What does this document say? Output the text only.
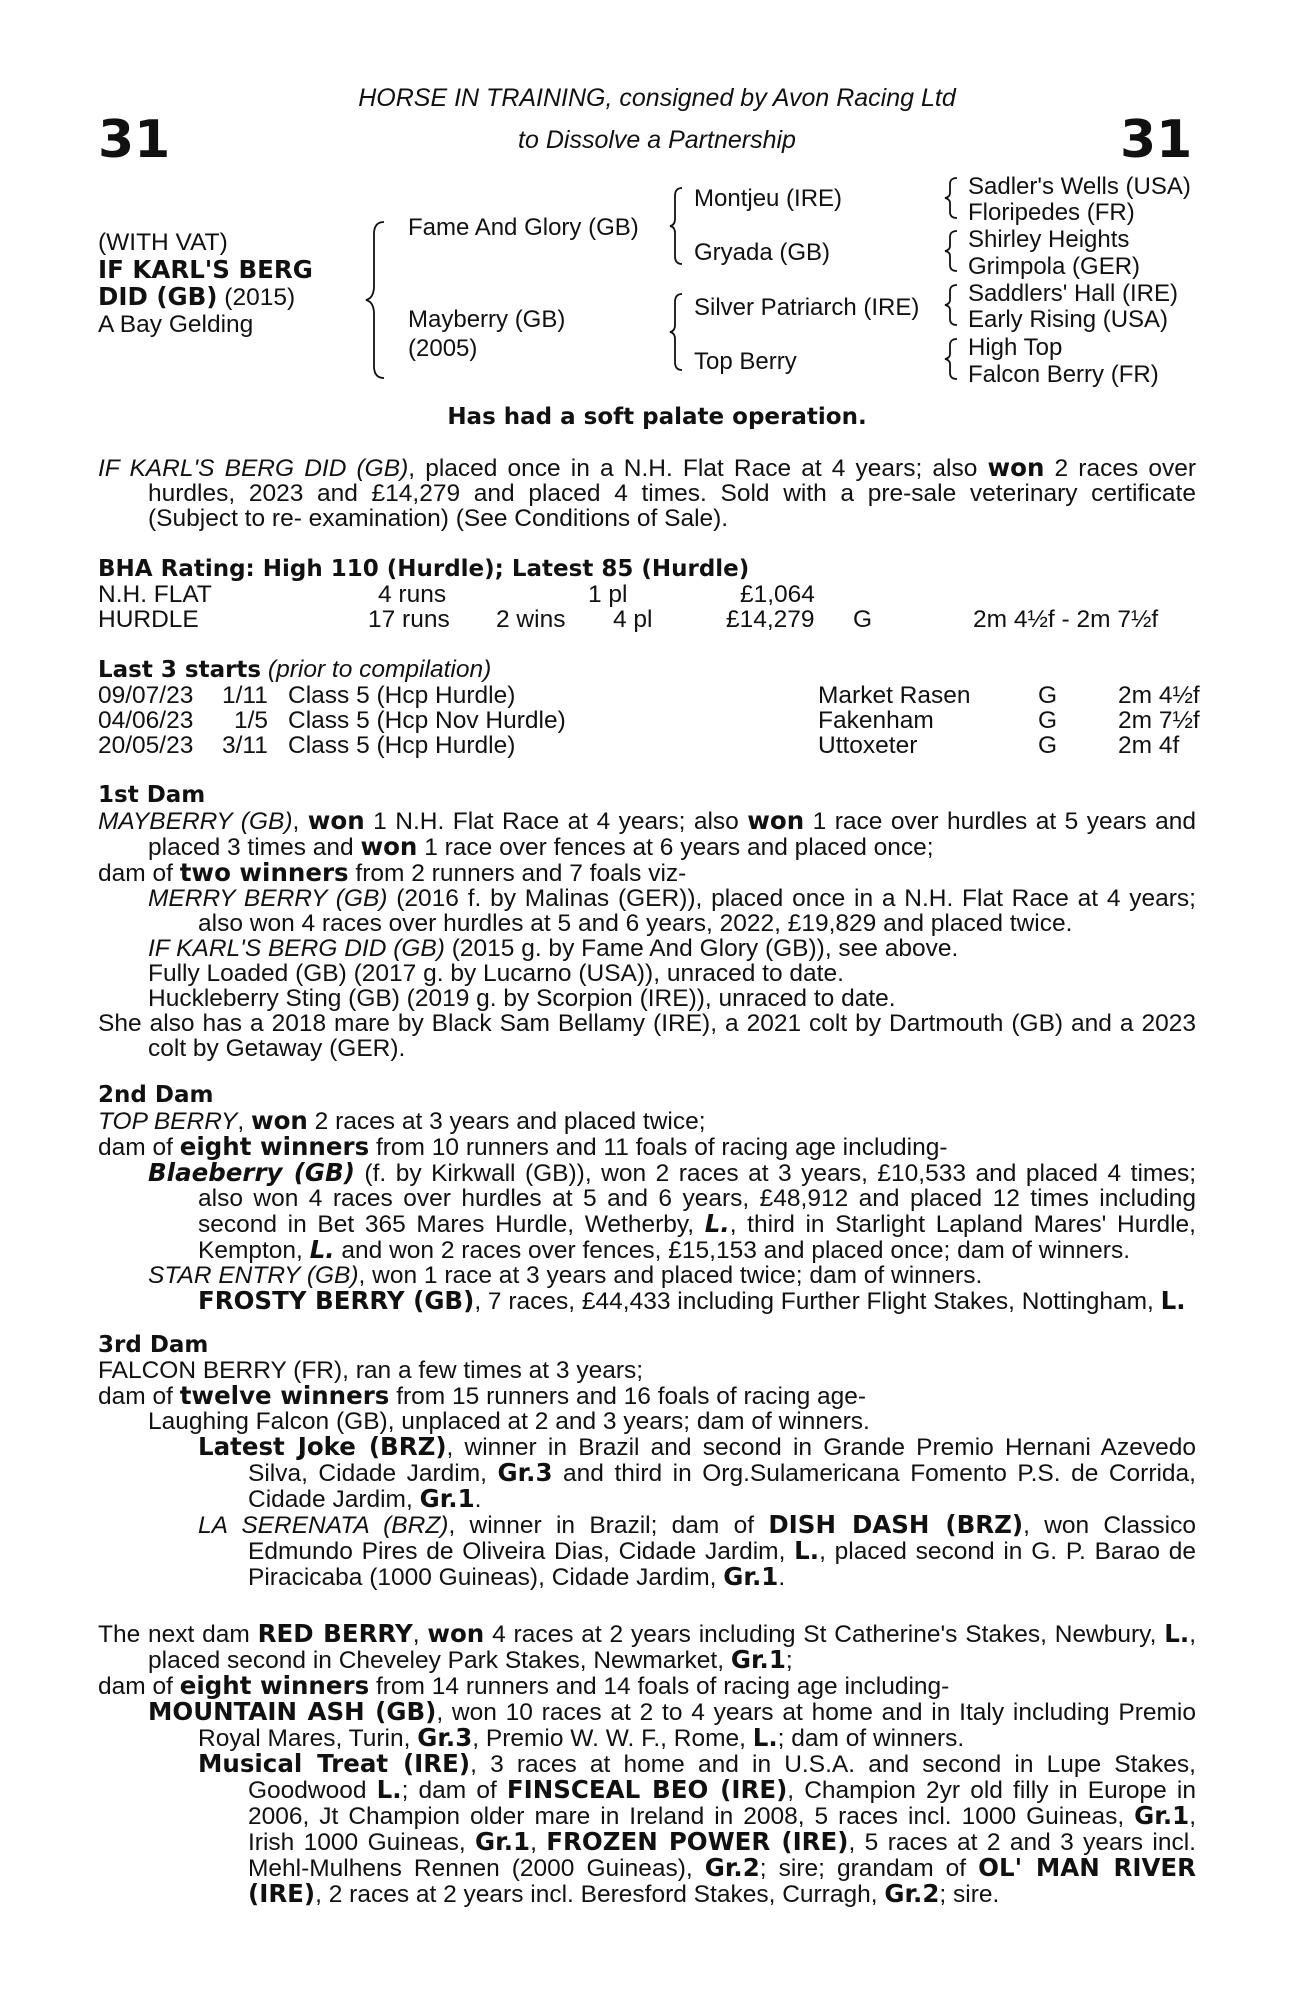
31	31
HORSE IN TRAINING, consigned by Avon Racing Ltd
to Dissolve a Partnership
(WITH VAT)
IF KARL'S BERG
DID (GB) (2015)
A Bay Gelding
Fame And Glory (GB)
Mayberry (GB)
(2005)
Montjeu (IRE)
Gryada (GB)
Silver Patriarch (IRE)
Top Berry
Sadler's Wells (USA)
Floripedes (FR)
Shirley Heights
Grimpola (GER)
Saddlers' Hall (IRE)
Early Rising (USA)
High Top
Falcon Berry (FR)
Has had a soft palate operation.

IF KARL'S BERG DID (GB), placed once in a N.H. Flat Race at 4 years; also won 2 races over hurdles, 2023 and £14,279 and placed 4 times. Sold with a pre-sale veterinary certificate (Subject to re- examination) (See Conditions of Sale).

BHA Rating: High 110 (Hurdle); Latest 85 (Hurdle)
N.H. FLAT	4 runs	1 pl	£1,064
HURDLE	17 runs 2 wins 4 pl	£14,279 G	2m 4½f - 2m 7½f
Last 3 starts (prior to compilation)
09/07/23 1/11 Class 5 (Hcp Hurdle)	Market Rasen	G 2m 4½f
04/06/23 1/5 Class 5 (Hcp Nov Hurdle)	Fakenham	G 2m 7½f
20/05/23 3/11 Class 5 (Hcp Hurdle)	Uttoxeter	G 2m 4f
1st Dam

MAYBERRY (GB), won 1 N.H. Flat Race at 4 years; also won 1 race over hurdles at 5 years and placed 3 times and won 1 race over fences at 6 years and placed once;

dam of two winners from 2 runners and 7 foals viz-

MERRY BERRY (GB) (2016 f. by Malinas (GER)), placed once in a N.H. Flat Race at 4 years; also won 4 races over hurdles at 5 and 6 years, 2022, £19,829 and placed twice.

IF KARL'S BERG DID (GB) (2015 g. by Fame And Glory (GB)), see above.

Fully Loaded (GB) (2017 g. by Lucarno (USA)), unraced to date.

Huckleberry Sting (GB) (2019 g. by Scorpion (IRE)), unraced to date.

She also has a 2018 mare by Black Sam Bellamy (IRE), a 2021 colt by Dartmouth (GB) and a 2023 colt by Getaway (GER).

2nd Dam

TOP BERRY, won 2 races at 3 years and placed twice;

dam of eight winners from 10 runners and 11 foals of racing age including-

Blaeberry (GB) (f. by Kirkwall (GB)), won 2 races at 3 years, £10,533 and placed 4 times; also won 4 races over hurdles at 5 and 6 years, £48,912 and placed 12 times including second in Bet 365 Mares Hurdle, Wetherby, L., third in Starlight Lapland Mares' Hurdle, Kempton, L. and won 2 races over fences, £15,153 and placed once; dam of winners.

STAR ENTRY (GB), won 1 race at 3 years and placed twice; dam of winners.

FROSTY BERRY (GB), 7 races, £44,433 including Further Flight Stakes, Nottingham, L.

3rd Dam

FALCON BERRY (FR), ran a few times at 3 years;

dam of twelve winners from 15 runners and 16 foals of racing age-

Laughing Falcon (GB), unplaced at 2 and 3 years; dam of winners.

Latest Joke (BRZ), winner in Brazil and second in Grande Premio Hernani Azevedo Silva, Cidade Jardim, Gr.3 and third in Org.Sulamericana Fomento P.S. de Corrida, Cidade Jardim, Gr.1.

LA SERENATA (BRZ), winner in Brazil; dam of DISH DASH (BRZ), won Classico Edmundo Pires de Oliveira Dias, Cidade Jardim, L., placed second in G. P. Barao de Piracicaba (1000 Guineas), Cidade Jardim, Gr.1.

The next dam RED BERRY, won 4 races at 2 years including St Catherine's Stakes, Newbury, L., placed second in Cheveley Park Stakes, Newmarket, Gr.1;

dam of eight winners from 14 runners and 14 foals of racing age including-

MOUNTAIN ASH (GB), won 10 races at 2 to 4 years at home and in Italy including Premio Royal Mares, Turin, Gr.3, Premio W. W. F., Rome, L.; dam of winners.

Musical Treat (IRE), 3 races at home and in U.S.A. and second in Lupe Stakes, Goodwood L.; dam of FINSCEAL BEO (IRE), Champion 2yr old filly in Europe in 2006, Jt Champion older mare in Ireland in 2008, 5 races incl. 1000 Guineas, Gr.1, Irish 1000 Guineas, Gr.1, FROZEN POWER (IRE), 5 races at 2 and 3 years incl. Mehl-Mulhens Rennen (2000 Guineas), Gr.2; sire; grandam of OL' MAN RIVER (IRE), 2 races at 2 years incl. Beresford Stakes, Curragh, Gr.2; sire.
